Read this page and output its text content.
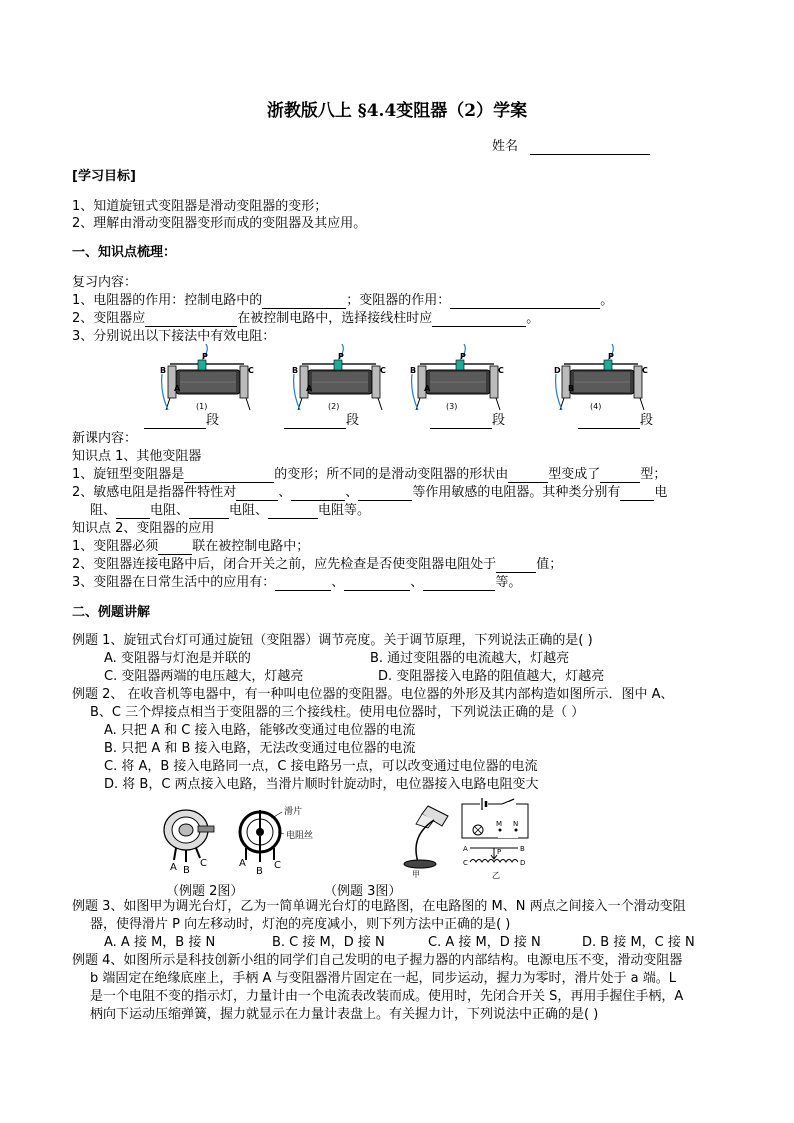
浙教版八上 §4.4变阻器（2）学案
姓名
[学习目标]
1、知道旋钮式变阻器是滑动变阻器的变形；
2、理解由滑动变阻器变形而成的变阻器及其应用。
一、知识点梳理：
复习内容：
1、电阻器的作用：控制电路中的	；变阻器的作用：	。
2、变阻器应	在被控制电路中，选择接线柱时应	。
3、分别说出以下接法中有效电阻：
B	C
P
A
(1)
B	C
P
A
(2)
B	C
P
A
(3)
D	C
P
B
(4)
新课内容：
知识点 1、其他变阻器
1、旋钮型变阻器是	的变形；所不同的是滑动变阻器的形状由	型变成了	型；
2、敏感电阻是指器件特性对	、	、	等作用敏感的电阻器。其种类分别有	电
阻、	电阻、	电阻、	电阻等。
知识点 2、变阻器的应用
1、变阻器必须	联在被控制电路中；
2、变阻器连接电路中后，闭合开关之前，应先检查是否使变阻器电阻处于	值；
3、变阻器在日常生活中的应用有：	、	、	等。
二、例题讲解
例题 1、旋钮式台灯可通过旋钮（变阻器）调节亮度。关于调节原理，下列说法正确的是( )
A. 变阻器与灯泡是并联的	B. 通过变阻器的电流越大，灯越亮
C. 变阻器两端的电压越大，灯越亮	D. 变阻器接入电路的阻值越大，灯越亮
例题 2、 在收音机等电器中，有一种叫电位器的变阻器。电位器的外形及其内部构造如图所示．图中 A、
B、C 三个焊接点相当于变阻器的三个接线柱。使用电位器时，下列说法正确的是（ ）
A. 只把 A 和 C 接入电路，能够改变通过电位器的电流
B. 只把 A 和 B 接入电路，无法改变通过电位器的电流
C. 将 A，B 接入电路同一点，C 接电路另一点，可以改变通过电位器的电流
D. 将 B，C 两点接入电路，当滑片顺时针旋动时，电位器接入电路电阻变大
A B
C
滑片
电阻丝
A
B
C
甲
M N
A	B
C	D
P
乙
（例题 2图）	（例题 3图）
例题 3、如图甲为调光台灯，乙为一简单调光台灯的电路图，在电路图的 M、N 两点之间接入一个滑动变阻
器，使得滑片 P 向左移动时，灯泡的亮度减小，则下列方法中正确的是( )
A. A 接 M，B 接 N	B. C 接 M，D 接 N	C. A 接 M，D 接 N	D. B 接 M，C 接 N
例题 4、如图所示是科技创新小组的同学们自己发明的电子握力器的内部结构。电源电压不变，滑动变阻器
b 端固定在绝缘底座上，手柄 A 与变阻器滑片固定在一起，同步运动，握力为零时，滑片处于 a 端。L
是一个电阻不变的指示灯，力量计由一个电流表改装而成。使用时，先闭合开关 S，再用手握住手柄，A
柄向下运动压缩弹簧，握力就显示在力量计表盘上。有关握力计，下列说法中正确的是( )
段	段	段	段
